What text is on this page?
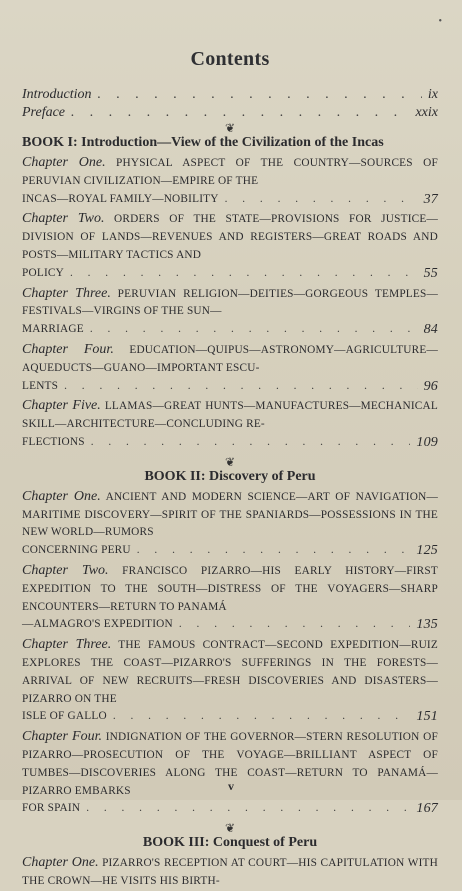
•
Contents
Introduction . . .	ix
Preface . . .	xxix
❦
BOOK I: Introduction—View of the Civilization of the Incas
Chapter One. PHYSICAL ASPECT OF THE COUNTRY—SOURCES OF PERUVIAN CIVILIZATION—EMPIRE OF THE
INCAS—ROYAL FAMILY—NOBILITY . . .	37
Chapter Two. ORDERS OF THE STATE—PROVISIONS FOR JUSTICE—DIVISION OF LANDS—REVENUES AND REGISTERS—GREAT ROADS AND POSTS—MILITARY TACTICS AND
POLICY . . .	55
Chapter Three. PERUVIAN RELIGION—DEITIES—GORGEOUS TEMPLES—FESTIVALS—VIRGINS OF THE SUN—
MARRIAGE . . .	84
Chapter Four. EDUCATION—QUIPUS—ASTRONOMY—AGRICULTURE—AQUEDUCTS—GUANO—IMPORTANT ESCU-
LENTS . . .	96
Chapter Five. LLAMAS—GREAT HUNTS—MANUFACTURES—MECHANICAL SKILL—ARCHITECTURE—CONCLUDING RE-
FLECTIONS . . .	109
❦
BOOK II: Discovery of Peru
Chapter One. ANCIENT AND MODERN SCIENCE—ART OF NAVIGATION—MARITIME DISCOVERY—SPIRIT OF THE SPANIARDS—POSSESSIONS IN THE NEW WORLD—RUMORS
CONCERNING PERU . . .	125
Chapter Two. FRANCISCO PIZARRO—HIS EARLY HISTORY—FIRST EXPEDITION TO THE SOUTH—DISTRESS OF THE VOYAGERS—SHARP ENCOUNTERS—RETURN TO PANAMÁ
—ALMAGRO'S EXPEDITION . . .	135
Chapter Three. THE FAMOUS CONTRACT—SECOND EXPEDITION—RUIZ EXPLORES THE COAST—PIZARRO'S SUFFERINGS IN THE FORESTS—ARRIVAL OF NEW RECRUITS—FRESH DISCOVERIES AND DISASTERS—PIZARRO ON THE
ISLE OF GALLO . . .	151
Chapter Four. INDIGNATION OF THE GOVERNOR—STERN RESOLUTION OF PIZARRO—PROSECUTION OF THE VOYAGE—BRILLIANT ASPECT OF TUMBES—DISCOVERIES ALONG THE COAST—RETURN TO PANAMÁ—PIZARRO EMBARKS
FOR SPAIN . . .	167
❦
BOOK III: Conquest of Peru
Chapter One. PIZARRO'S RECEPTION AT COURT—HIS CAPITULATION WITH THE CROWN—HE VISITS HIS BIRTH-
v
